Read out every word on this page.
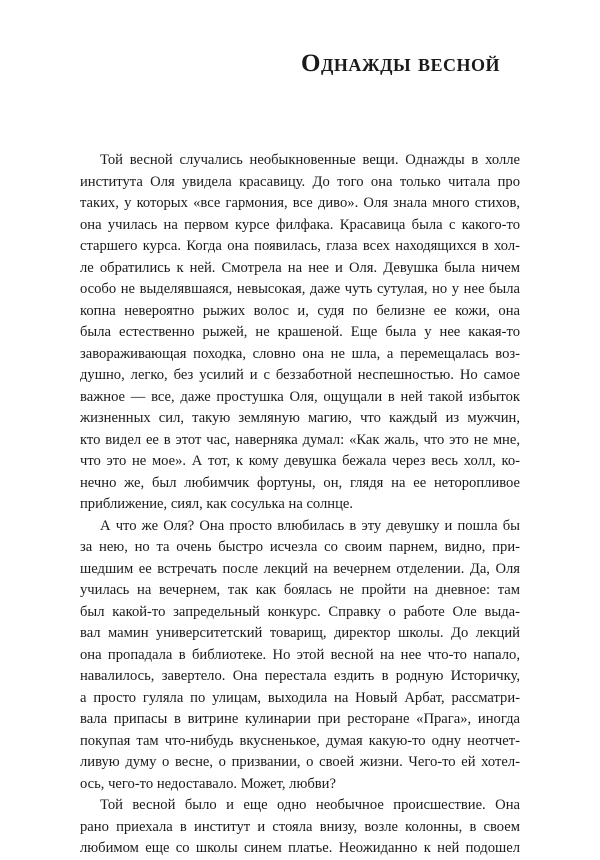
Однажды весной
Той весной случались необыкновенные вещи. Однажды в холле
института Оля увидела красавицу. До того она только читала про
таких, у которых «все гармония, все диво». Оля знала много стихов,
она училась на первом курсе филфака. Красавица была с какого-то
старшего курса. Когда она появилась, глаза всех находящихся в хол-
ле обратились к ней. Смотрела на нее и Оля. Девушка была ничем
особо не выделявшаяся, невысокая, даже чуть сутулая, но у нее была
копна невероятно рыжих волос и, судя по белизне ее кожи, она
была естественно рыжей, не крашеной. Еще была у нее какая-то
завораживающая походка, словно она не шла, а перемещалась воз-
душно, легко, без усилий и с беззаботной неспешностью. Но самое
важное — все, даже простушка Оля, ощущали в ней такой избыток
жизненных сил, такую земляную магию, что каждый из мужчин,
кто видел ее в этот час, наверняка думал: «Как жаль, что это не мне,
что это не мое». А тот, к кому девушка бежала через весь холл, ко-
нечно же, был любимчик фортуны, он, глядя на ее неторопливое
приближение, сиял, как сосулька на солнце.
А что же Оля? Она просто влюбилась в эту девушку и пошла бы
за нею, но та очень быстро исчезла со своим парнем, видно, при-
шедшим ее встречать после лекций на вечернем отделении. Да, Оля
училась на вечернем, так как боялась не пройти на дневное: там
был какой-то запредельный конкурс. Справку о работе Оле выда-
вал мамин университетский товарищ, директор школы. До лекций
она пропадала в библиотеке. Но этой весной на нее что-то напало,
навалилось, завертело. Она перестала ездить в родную Историчку,
а просто гуляла по улицам, выходила на Новый Арбат, рассматри-
вала припасы в витрине кулинарии при ресторане «Прага», иногда
покупая там что-нибудь вкусненькое, думая какую-то одну неотчет-
ливую думу о весне, о призвании, о своей жизни. Чего-то ей хотел-
ось, чего-то недоставало. Может, любви?
Той весной было и еще одно необычное происшествие. Она
рано приехала в институт и стояла внизу, возле колонны, в своем
любимом еще со школы синем платье. Неожиданно к ней подошел
